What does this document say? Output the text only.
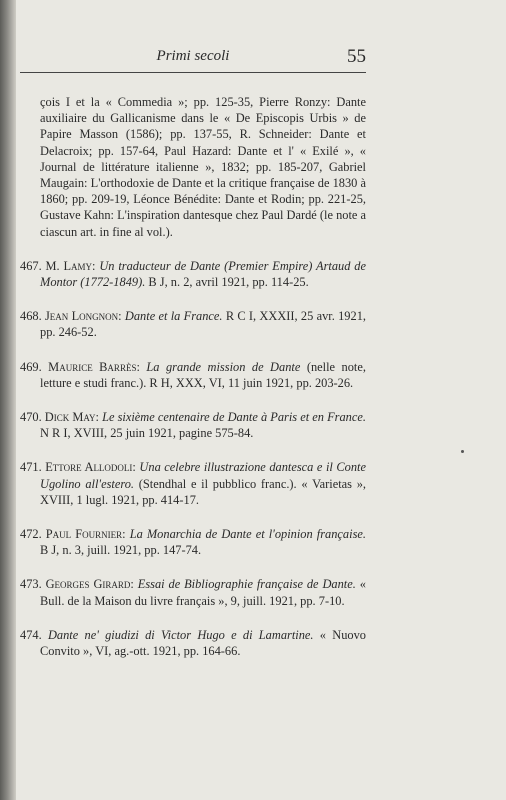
Primi secoli	55
çois I et la « Commedia »; pp. 125-35, Pierre Ronzy: Dante auxiliaire du Gallicanisme dans le « De Episcopis Urbis » de Papire Masson (1586); pp. 137-55, R. Schneider: Dante et Delacroix; pp. 157-64, Paul Hazard: Dante et l' « Exilé », « Journal de littérature italienne », 1832; pp. 185-207, Gabriel Maugain: L'orthodoxie de Dante et la critique française de 1830 à 1860; pp. 209-19, Léonce Bénédite: Dante et Rodin; pp. 221-25, Gustave Kahn: L'inspiration dantesque chez Paul Dardé (le note a ciascun art. in fine al vol.).
467. M. Lamy: Un traducteur de Dante (Premier Empire) Artaud de Montor (1772-1849). B J, n. 2, avril 1921, pp. 114-25.
468. Jean Longnon: Dante et la France. R C I, XXXII, 25 avr. 1921, pp. 246-52.
469. Maurice Barrès: La grande mission de Dante (nelle note, letture e studi franc.). R H, XXX, VI, 11 juin 1921, pp. 203-26.
470. Dick May: Le sixième centenaire de Dante à Paris et en France. N R I, XVIII, 25 juin 1921, pagine 575-84.
471. Ettore Allodoli: Una celebre illustrazione dantesca e il Conte Ugolino all'estero. (Stendhal e il pubblico franc.). « Varietas », XVIII, 1 lugl. 1921, pp. 414-17.
472. Paul Fournier: La Monarchia de Dante et l'opinion française. B J, n. 3, juill. 1921, pp. 147-74.
473. Georges Girard: Essai de Bibliographie française de Dante. « Bull. de la Maison du livre français », 9, juill. 1921, pp. 7-10.
474. Dante ne' giudizi di Victor Hugo e di Lamartine. « Nuovo Convito », VI, ag.-ott. 1921, pp. 164-66.
